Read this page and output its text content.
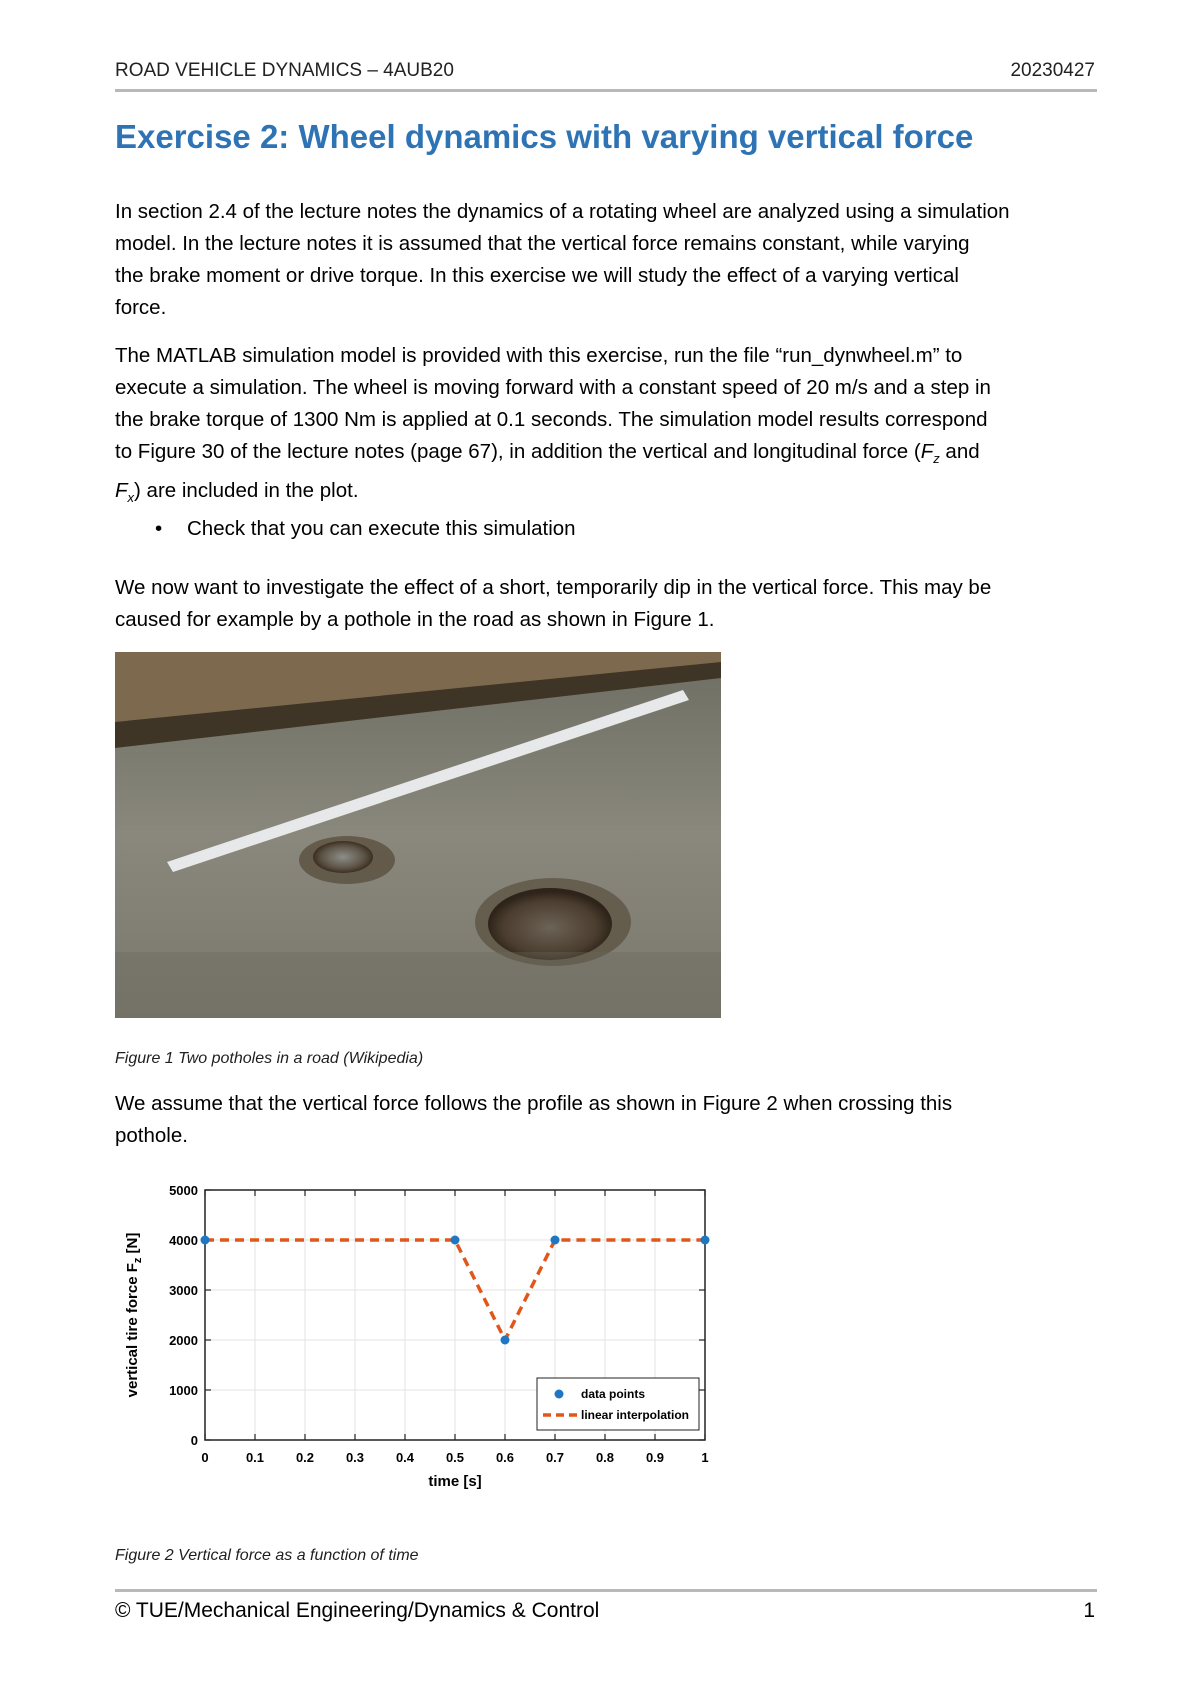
ROAD VEHICLE DYNAMICS – 4AUB20	20230427
Exercise 2: Wheel dynamics with varying vertical force
In section 2.4 of the lecture notes the dynamics of a rotating wheel are analyzed using a simulation
model. In the lecture notes it is assumed that the vertical force remains constant, while varying
the brake moment or drive torque. In this exercise we will study the effect of a varying vertical
force.
The MATLAB simulation model is provided with this exercise, run the file “run_dynwheel.m” to
execute a simulation. The wheel is moving forward with a constant speed of 20 m/s and a step in
the brake torque of 1300 Nm is applied at 0.1 seconds. The simulation model results correspond
to Figure 30 of the lecture notes (page 67), in addition the vertical and longitudinal force ($F_z$ and
$F_x$) are included in the plot.
• Check that you can execute this simulation
We now want to investigate the effect of a short, temporarily dip in the vertical force. This may be
caused for example by a pothole in the road as shown in Figure 1.
Figure 1 Two potholes in a road (Wikipedia)
We assume that the vertical force follows the profile as shown in Figure 2 when crossing this
pothole.
0	0.1 0.2 0.3 0.4 0.5 0.6 0.7 0.8 0.9	1
0
1000
2000
3000
4000
5000
time [s]
vertical tire force $F_z$ [N]
data points
linear interpolation
Figure 2 Vertical force as a function of time
© TUE/Mechanical Engineering/Dynamics & Control	1
